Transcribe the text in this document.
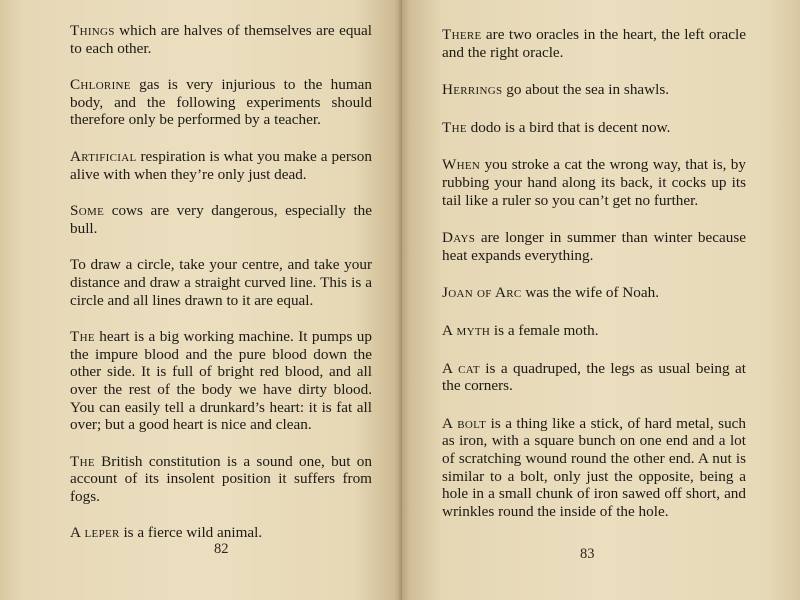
Things which are halves of themselves are equal to each other.

Chlorine gas is very injurious to the human body, and the following experiments should therefore only be performed by a teacher.

Artificial respiration is what you make a person alive with when they’re only just dead.

Some cows are very dangerous, especially the bull.

To draw a circle, take your centre, and take your distance and draw a straight curved line. This is a circle and all lines drawn to it are equal.

The heart is a big working machine. It pumps up the impure blood and the pure blood down the other side. It is full of bright red blood, and all over the rest of the body we have dirty blood. You can easily tell a drunkard’s heart: it is fat all over; but a good heart is nice and clean.

The British constitution is a sound one, but on account of its insolent position it suffers from fogs.

A leper is a fierce wild animal.

82

There are two oracles in the heart, the left oracle and the right oracle.

Herrings go about the sea in shawls.

The dodo is a bird that is decent now.

When you stroke a cat the wrong way, that is, by rubbing your hand along its back, it cocks up its tail like a ruler so you can’t get no further.

Days are longer in summer than winter because heat expands everything.

Joan of Arc was the wife of Noah.

A myth is a female moth.

A cat is a quadruped, the legs as usual being at the corners.

A bolt is a thing like a stick, of hard metal, such as iron, with a square bunch on one end and a lot of scratching wound round the other end. A nut is similar to a bolt, only just the opposite, being a hole in a small chunk of iron sawed off short, and wrinkles round the inside of the hole.

83
